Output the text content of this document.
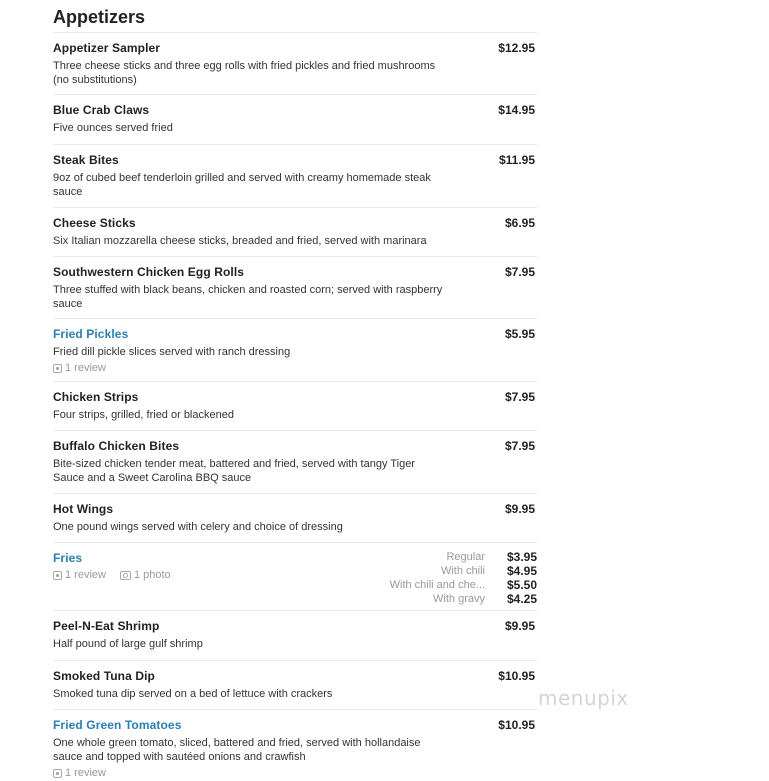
Appetizers
Appetizer Sampler
Three cheese sticks and three egg rolls with fried pickles and fried mushrooms (no substitutions)
$12.95
Blue Crab Claws
Five ounces served fried
$14.95
Steak Bites
9oz of cubed beef tenderloin grilled and served with creamy homemade steak sauce
$11.95
Cheese Sticks
Six Italian mozzarella cheese sticks, breaded and fried, served with marinara
$6.95
Southwestern Chicken Egg Rolls
Three stuffed with black beans, chicken and roasted corn; served with raspberry sauce
$7.95
Fried Pickles
Fried dill pickle slices served with ranch dressing
1 review
$5.95
Chicken Strips
Four strips, grilled, fried or blackened
$7.95
Buffalo Chicken Bites
Bite-sized chicken tender meat, battered and fried, served with tangy Tiger Sauce and a Sweet Carolina BBQ sauce
$7.95
Hot Wings
One pound wings served with celery and choice of dressing
$9.95
Fries
1 review	1 photo
Regular $3.95
With chili $4.95
With chili and che... $5.50
With gravy $4.25
Peel-N-Eat Shrimp
Half pound of large gulf shrimp
$9.95
Smoked Tuna Dip
Smoked tuna dip served on a bed of lettuce with crackers
$10.95
Fried Green Tomatoes
One whole green tomato, sliced, battered and fried, served with hollandaise sauce and topped with sautéed onions and crawfish
1 review
$10.95
menupix
